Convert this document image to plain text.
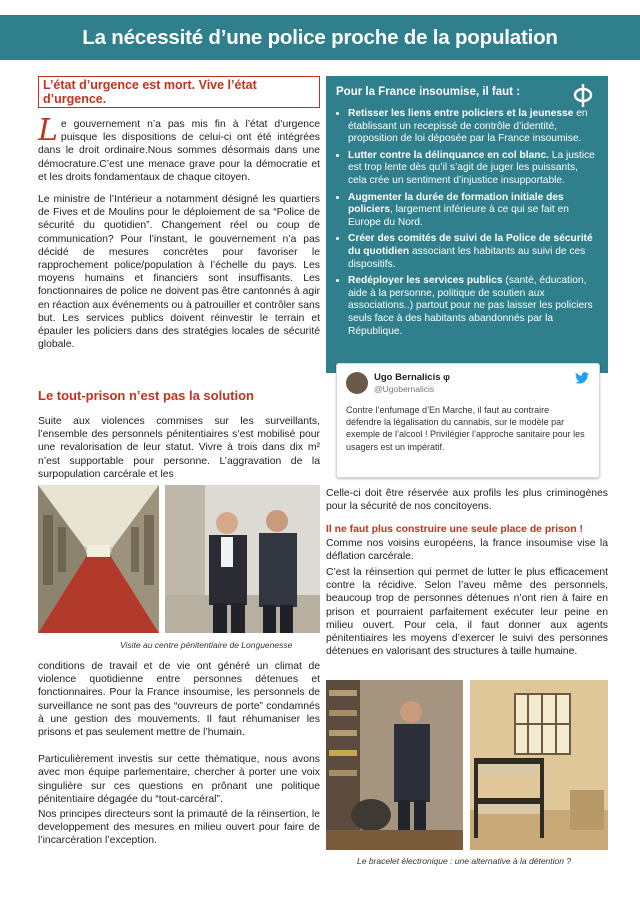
La nécessité d’une police proche de la population
L’état d’urgence est mort. Vive l’état d’urgence.

Le gouvernement n’a pas mis fin à l’état d’urgence puisque les dispositions de celui-ci ont été intégrées dans le droit ordinaire.Nous sommes désormais dans une démocrature.C’est une menace grave pour la démocratie et et les droits fondamentaux de chaque citoyen.

Le ministre de l’Intérieur a notamment désigné les quartiers de Fives et de Moulins pour le déploiement de sa “Police de sécurité du quotidien”. Changement réel ou coup de communication? Pour l’instant, le gouvernement n’a pas décidé de mesures concrètes pour favoriser le rapprochement police/population à l’échelle du pays. Les moyens humains et financiers sont insuffisants. Les fonctionnaires de police ne doivent pas être cantonnés à agir en réaction aux événements ou à patrouiller et contrôler sans but. Les services publics doivent réinvestir le terrain et épauler les policiers dans des stratégies locales de sécurité globale.

Pour la France insoumise, il faut :
• Retisser les liens entre policiers et la jeunesse en établissant un recepissé de contrôle d’identité, proposition de loi déposée par la France insoumise.
• Lutter contre la délinquance en col blanc. La justice est trop lente dès qu’il s’agit de juger les puissants, cela crée un sentiment d’injustice insupportable.
• Augmenter la durée de formation initiale des policiers, largement inférieure à ce qui se fait en Europe du Nord.
• Créer des comités de suivi de la Police de sécurité du quotidien associant les habitants au suivi de ces dispositifs.
• Redéployer les services publics (santé, éducation, aide à la personne, politique de soutien aux associations..) partout pour ne pas laisser les policiers seuls face à des habitants abandonnés par la République.
Ugo Bernalicis φ
@Ugobernalicis
Contre l’enfumage d’En Marche, il faut au contraire défendre la légalisation du cannabis, sur le modèle par exemple de l’alcool ! Privilégier l’approche sanitaire pour les usagers est un impératif.
Le tout-prison n’est pas la solution

Suite aux violences commises sur les surveillants, l’ensemble des personnels pénitentiaires s’est mobilisé pour une revalorisation de leur statut. Vivre à trois dans dix m² n’est supportable pour personne. L’aggravation de la surpopulation carcérale et les

Visite au centre pénitentiaire de Longuenesse

conditions de travail et de vie ont généré un climat de violence quotidienne entre personnes détenues et fonctionnaires. Pour la France insoumise, les personnels de surveillance ne sont pas des “ouvreurs de porte” condamnés à une gestion des mouvements. Il faut réhumaniser les prisons et pas seulement mettre de l’humain.

Particulièrement investis sur cette thématique, nous avons avec mon équipe parlementaire, chercher à porter une voix singulière sur ces questions en prônant une politique pénitentiaire dégagée du “tout-carcéral”.

Nos principes directeurs sont la primauté de la réinsertion, le developpement des mesures en milieu ouvert pour faire de l’incarcération l’exception.

Celle-ci doit être réservée aux profils les plus criminogènes pour la sécurité de nos concitoyens.

Il ne faut plus construire une seule place de prison !
Comme nos voisins européens, la france insoumise vise la déflation carcérale.

C’est la réinsertion qui permet de lutter le plus efficacement contre la récidive. Selon l’aveu même des personnels, beaucoup trop de personnes détenues n’ont rien à faire en prison et pourraient parfaitement exécuter leur peine en milieu ouvert. Pour cela, il faut donner aux agents pénitentiaires les moyens d’exercer le suivi des personnes détenues en valorisant des structures à taille humaine.

Le bracelet électronique : une alternative à la détention ?
